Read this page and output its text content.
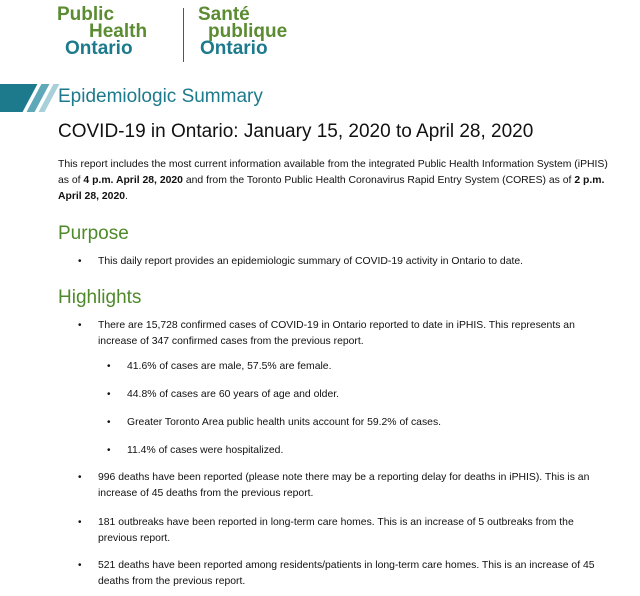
Public
Health
Ontario
Santé
publique
Ontario
Epidemiologic Summary
COVID-19 in Ontario: January 15, 2020 to April 28, 2020
This report includes the most current information available from the integrated Public Health Information System (iPHIS) as of 4 p.m. April 28, 2020 and from the Toronto Public Health Coronavirus Rapid Entry System (CORES) as of 2 p.m. April 28, 2020.
Purpose
• This daily report provides an epidemiologic summary of COVID-19 activity in Ontario to date.
Highlights
• There are 15,728 confirmed cases of COVID-19 in Ontario reported to date in iPHIS. This represents an increase of 347 confirmed cases from the previous report.
• 41.6% of cases are male, 57.5% are female.
• 44.8% of cases are 60 years of age and older.
• Greater Toronto Area public health units account for 59.2% of cases.
• 11.4% of cases were hospitalized.
• 996 deaths have been reported (please note there may be a reporting delay for deaths in iPHIS). This is an increase of 45 deaths from the previous report.
• 181 outbreaks have been reported in long-term care homes. This is an increase of 5 outbreaks from the previous report.
• 521 deaths have been reported among residents/patients in long-term care homes. This is an increase of 45 deaths from the previous report.
